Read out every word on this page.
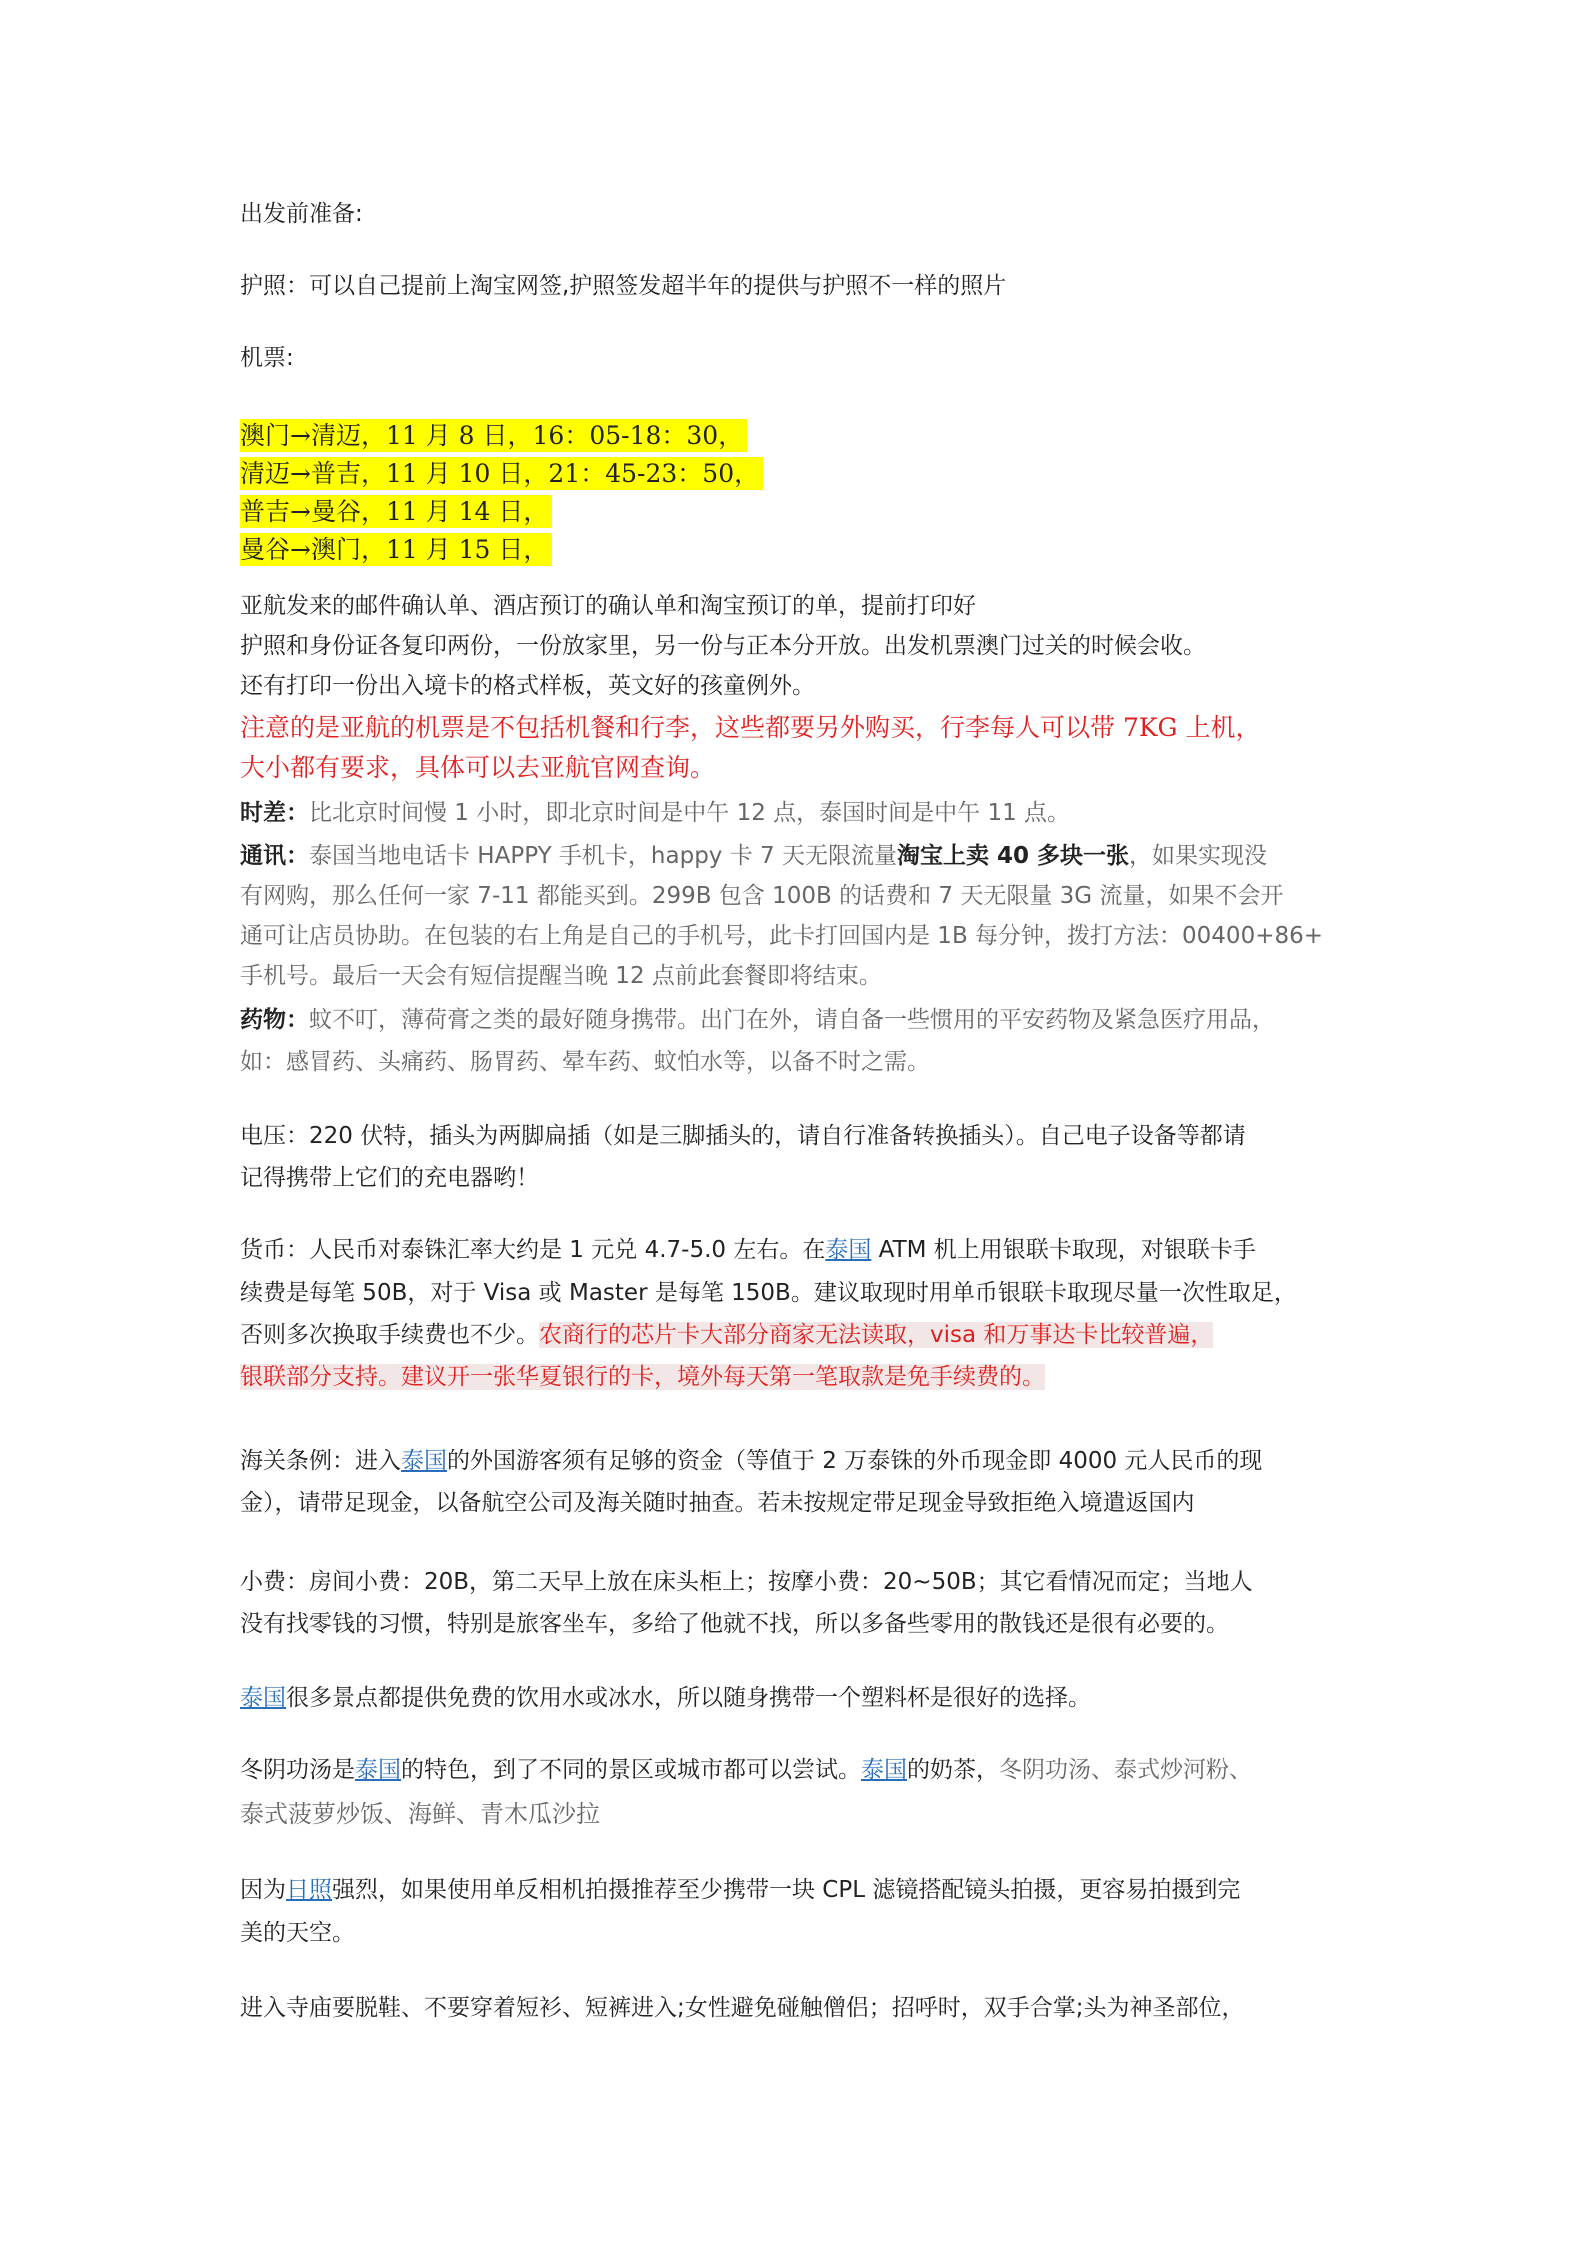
出发前准备:
护照：可以自己提前上淘宝网签,护照签发超半年的提供与护照不一样的照片
机票:
澳门→清迈，11 月 8 日，16：05-18：30，
清迈→普吉，11 月 10 日，21：45-23：50，
普吉→曼谷，11 月 14 日，
曼谷→澳门，11 月 15 日，
亚航发来的邮件确认单、酒店预订的确认单和淘宝预订的单，提前打印好
护照和身份证各复印两份，一份放家里，另一份与正本分开放。出发机票澳门过关的时候会收。
还有打印一份出入境卡的格式样板，英文好的孩童例外。
注意的是亚航的机票是不包括机餐和行李，这些都要另外购买，行李每人可以带 7KG 上机，
大小都有要求，具体可以去亚航官网查询。
时差：比北京时间慢 1 小时，即北京时间是中午 12 点，泰国时间是中午 11 点。
通讯：泰国当地电话卡 HAPPY 手机卡，happy 卡 7 天无限流量淘宝上卖 40 多块一张，如果实现没
有网购，那么任何一家 7-11 都能买到。299B 包含 100B 的话费和 7 天无限量 3G 流量，如果不会开
通可让店员协助。在包装的右上角是自己的手机号，此卡打回国内是 1B 每分钟，拨打方法：00400+86+
手机号。最后一天会有短信提醒当晚 12 点前此套餐即将结束。
药物：蚊不叮，薄荷膏之类的最好随身携带。出门在外，请自备一些惯用的平安药物及紧急医疗用品，
如：感冒药、头痛药、肠胃药、晕车药、蚊怕水等，以备不时之需。
电压：220 伏特，插头为两脚扁插（如是三脚插头的，请自行准备转换插头）。自己电子设备等都请
记得携带上它们的充电器哟！
货币：人民币对泰铢汇率大约是 1 元兑 4.7-5.0 左右。在泰国 ATM 机上用银联卡取现，对银联卡手
续费是每笔 50B，对于 Visa 或 Master 是每笔 150B。建议取现时用单币银联卡取现尽量一次性取足，
否则多次换取手续费也不少。农商行的芯片卡大部分商家无法读取，visa 和万事达卡比较普遍，
银联部分支持。建议开一张华夏银行的卡，境外每天第一笔取款是免手续费的。
海关条例：进入泰国的外国游客须有足够的资金（等值于 2 万泰铢的外币现金即 4000 元人民币的现
金），请带足现金，以备航空公司及海关随时抽查。若未按规定带足现金导致拒绝入境遣返国内
小费：房间小费：20B，第二天早上放在床头柜上；按摩小费：20~50B；其它看情况而定；当地人
没有找零钱的习惯，特别是旅客坐车，多给了他就不找，所以多备些零用的散钱还是很有必要的。
泰国很多景点都提供免费的饮用水或冰水，所以随身携带一个塑料杯是很好的选择。
冬阴功汤是泰国的特色，到了不同的景区或城市都可以尝试。泰国的奶茶，冬阴功汤、泰式炒河粉、
泰式菠萝炒饭、海鲜、青木瓜沙拉
因为日照强烈，如果使用单反相机拍摄推荐至少携带一块 CPL 滤镜搭配镜头拍摄，更容易拍摄到完
美的天空。
进入寺庙要脱鞋、不要穿着短衫、短裤进入;女性避免碰触僧侣；招呼时，双手合掌;头为神圣部位，
